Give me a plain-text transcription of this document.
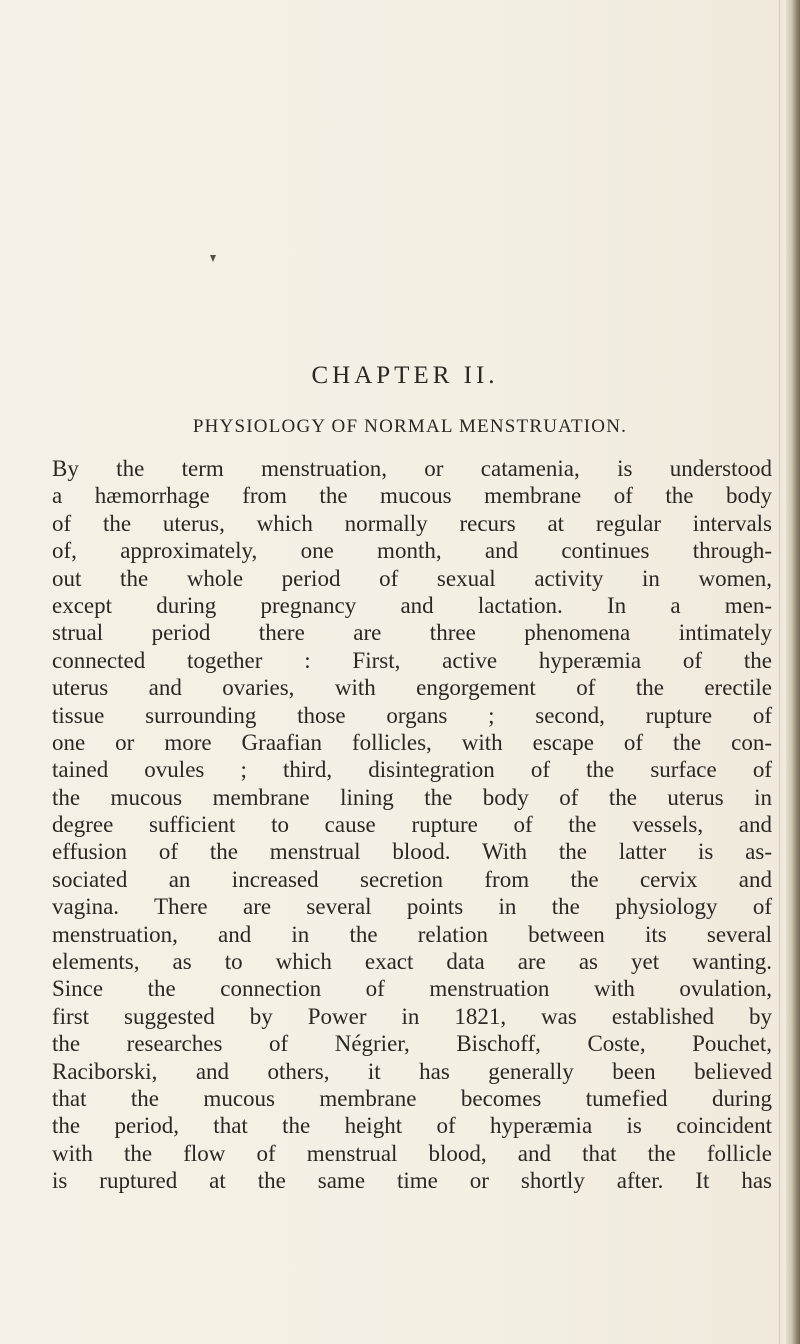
CHAPTER II.
PHYSIOLOGY OF NORMAL MENSTRUATION.
By the term menstruation, or catamenia, is understood
a hæmorrhage from the mucous membrane of the body
of the uterus, which normally recurs at regular intervals
of, approximately, one month, and continues through-
out the whole period of sexual activity in women,
except during pregnancy and lactation. In a men-
strual period there are three phenomena intimately
connected together : First, active hyperæmia of the
uterus and ovaries, with engorgement of the erectile
tissue surrounding those organs ; second, rupture of
one or more Graafian follicles, with escape of the con-
tained ovules ; third, disintegration of the surface of
the mucous membrane lining the body of the uterus in
degree sufficient to cause rupture of the vessels, and
effusion of the menstrual blood. With the latter is as-
sociated an increased secretion from the cervix and
vagina. There are several points in the physiology of
menstruation, and in the relation between its several
elements, as to which exact data are as yet wanting.
Since the connection of menstruation with ovulation,
first suggested by Power in 1821, was established by
the researches of Négrier, Bischoff, Coste, Pouchet,
Raciborski, and others, it has generally been believed
that the mucous membrane becomes tumefied during
the period, that the height of hyperæmia is coincident
with the flow of menstrual blood, and that the follicle
is ruptured at the same time or shortly after. It has
